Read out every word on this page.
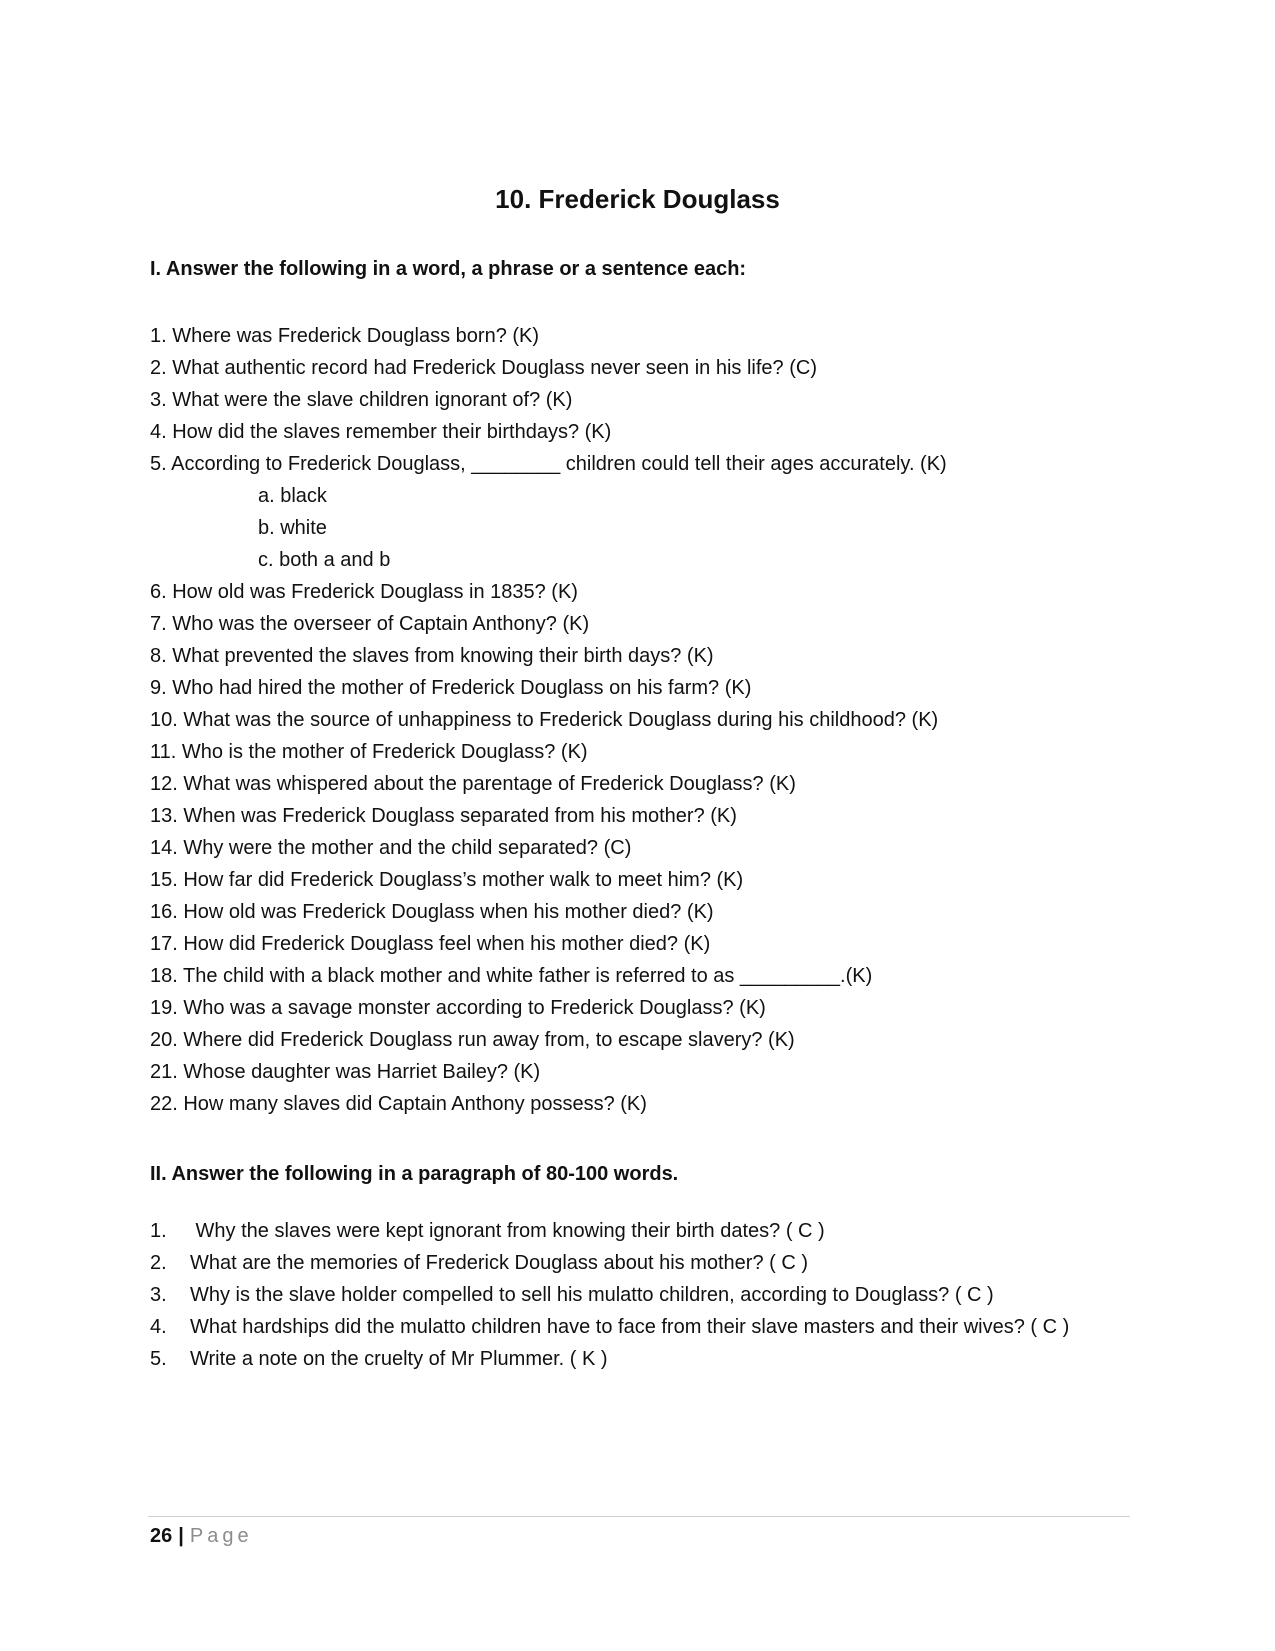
10. Frederick Douglass
I. Answer the following in a word, a phrase or a sentence each:
1. Where was Frederick Douglass born? (K)
2. What authentic record had Frederick Douglass never seen in his life? (C)
3. What were the slave children ignorant of? (K)
4. How did the slaves remember their birthdays? (K)
5. According to Frederick Douglass, ________ children could tell their ages accurately. (K)
a. black
b. white
c. both a and b
6. How old was Frederick Douglass in 1835? (K)
7. Who was the overseer of Captain Anthony? (K)
8. What prevented the slaves from knowing their birth days? (K)
9. Who had hired the mother of Frederick Douglass on his farm? (K)
10. What was the source of unhappiness to Frederick Douglass during his childhood? (K)
11. Who is the mother of Frederick Douglass? (K)
12. What was whispered about the parentage of Frederick Douglass? (K)
13. When was Frederick Douglass separated from his mother? (K)
14. Why were the mother and the child separated? (C)
15. How far did Frederick Douglass’s mother walk to meet him? (K)
16. How old was Frederick Douglass when his mother died? (K)
17. How did Frederick Douglass feel when his mother died? (K)
18. The child with a black mother and white father is referred to as _________.(K)
19. Who was a savage monster according to Frederick Douglass? (K)
20. Where did Frederick Douglass run away from, to escape slavery? (K)
21. Whose daughter was Harriet Bailey? (K)
22. How many slaves did Captain Anthony possess? (K)
II. Answer the following in a paragraph of 80-100 words.
1. Why the slaves were kept ignorant from knowing their birth dates? ( C )
2. What are the memories of Frederick Douglass about his mother? ( C )
3. Why is the slave holder compelled to sell his mulatto children, according to Douglass? ( C )
4. What hardships did the mulatto children have to face from their slave masters and their wives? ( C )
5. Write a note on the cruelty of Mr Plummer. ( K )
26 | Page
